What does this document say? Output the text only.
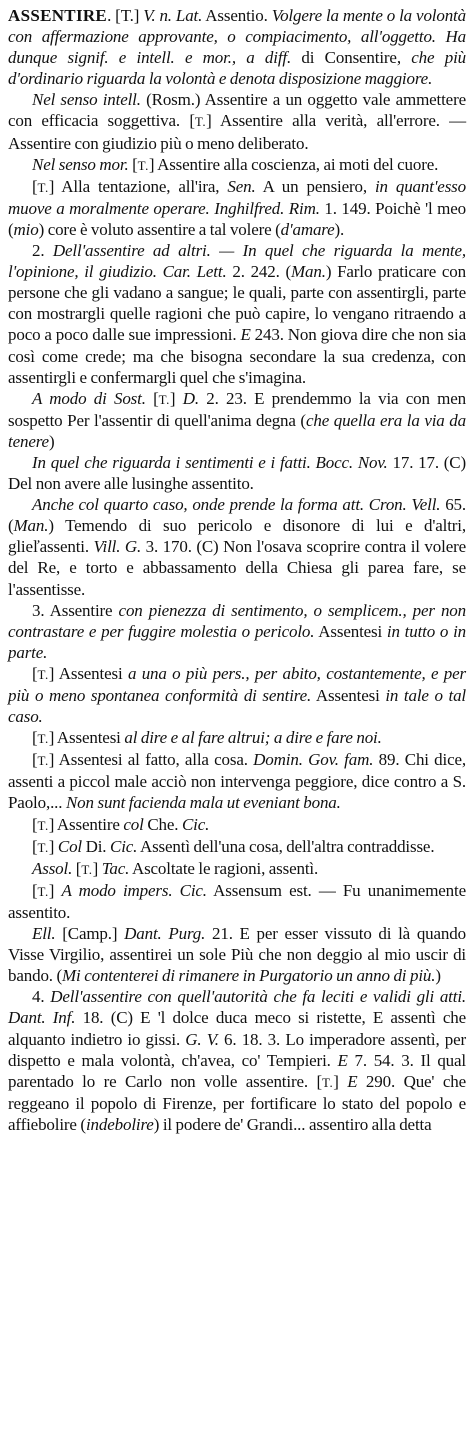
ASSENTIRE. [T.] V. n. Lat. Assentio. Volgere la mente o la volontà con affermazione approvante, o compiacimento, all'oggetto. Ha dunque signif. e intell. e mor., a diff. di Consentire, che più d'ordinario riguarda la volontà e denota disposizione maggiore.

Nel senso intell. (Rosm.) Assentire a un oggetto vale ammettere con efficacia soggettiva. [T.] Assentire alla verità, all'errore. — Assentire con giudizio più o meno deliberato.

Nel senso mor. [T.] Assentire alla coscienza, ai moti del cuore.

[T.] Alla tentazione, all'ira, Sen. A un pensiero, in quant'esso muove a moralmente operare. Inghilfred. Rim. 1. 149. Poichè 'l meo (mio) core è voluto assentire a tal volere (d'amare).

2. Dell'assentire ad altri. — In quel che riguarda la mente, l'opinione, il giudizio. Car. Lett. 2. 242. (Man.) Farlo praticare con persone che gli vadano a sangue; le quali, parte con assentirgli, parte con mostrargli quelle ragioni che può capire, lo vengano ritraendo a poco a poco dalle sue impressioni. E 243. Non giova dire che non sia così come crede; ma che bisogna secondare la sua credenza, con assentirgli e confermargli quel che s'imagina.

A modo di Sost. [T.] D. 2. 23. E prendemmo la via con men sospetto Per l'assentir di quell'anima degna (che quella era la via da tenere)

In quel che riguarda i sentimenti e i fatti. Bocc. Nov. 17. 17. (C) Del non avere alle lusinghe assentito.

Anche col quarto caso, onde prende la forma att. Cron. Vell. 65. (Man.) Temendo di suo pericolo e disonore di lui e d'altri, glieľassenti. Vill. G. 3. 170. (C) Non l'osava scoprire contra il volere del Re, e torto e abbassamento della Chiesa gli parea fare, se l'assentisse.

3. Assentire con pienezza di sentimento, o semplicem., per non contrastare e per fuggire molestia o pericolo. Assentesi in tutto o in parte.

[T.] Assentesi a una o più pers., per abito, costantemente, e per più o meno spontanea conformità di sentire. Assentesi in tale o tal caso.

[T.] Assentesi al dire e al fare altrui; a dire e fare noi.

[T.] Assentesi al fatto, alla cosa. Domin. Gov. fam. 89. Chi dice, assenti a piccol male acciò non intervenga peggiore, dice contro a S. Paolo,... Non sunt facienda mala ut eveniant bona.

[T.] Assentire col Che. Cic.

[T.] Col Di. Cic. Assentì dell'una cosa, dell'altra contraddisse.

Assol. [T.] Tac. Ascoltate le ragioni, assentì.

[T.] A modo impers. Cic. Assensum est. — Fu unanimemente assentito.

Ell. [Camp.] Dant. Purg. 21. E per esser vissuto di là quando Visse Virgilio, assentirei un sole Più che non deggio al mio uscir di bando. (Mi contenterei di rimanere in Purgatorio un anno di più.)

4. Dell'assentire con quell'autorità che fa leciti e validi gli atti. Dant. Inf. 18. (C) E 'l dolce duca meco si ristette, E assentì che alquanto indietro io gissi. G. V. 6. 18. 3. Lo imperadore assentì, per dispetto e mala volontà, ch'avea, co' Tempieri. E 7. 54. 3. Il qual parentado lo re Carlo non volle assentire. [T.] E 290. Que' che reggeano il popolo di Firenze, per fortificare lo stato del popolo e affiebolire (indebolire) il podere de' Grandi... assentiro alla detta
